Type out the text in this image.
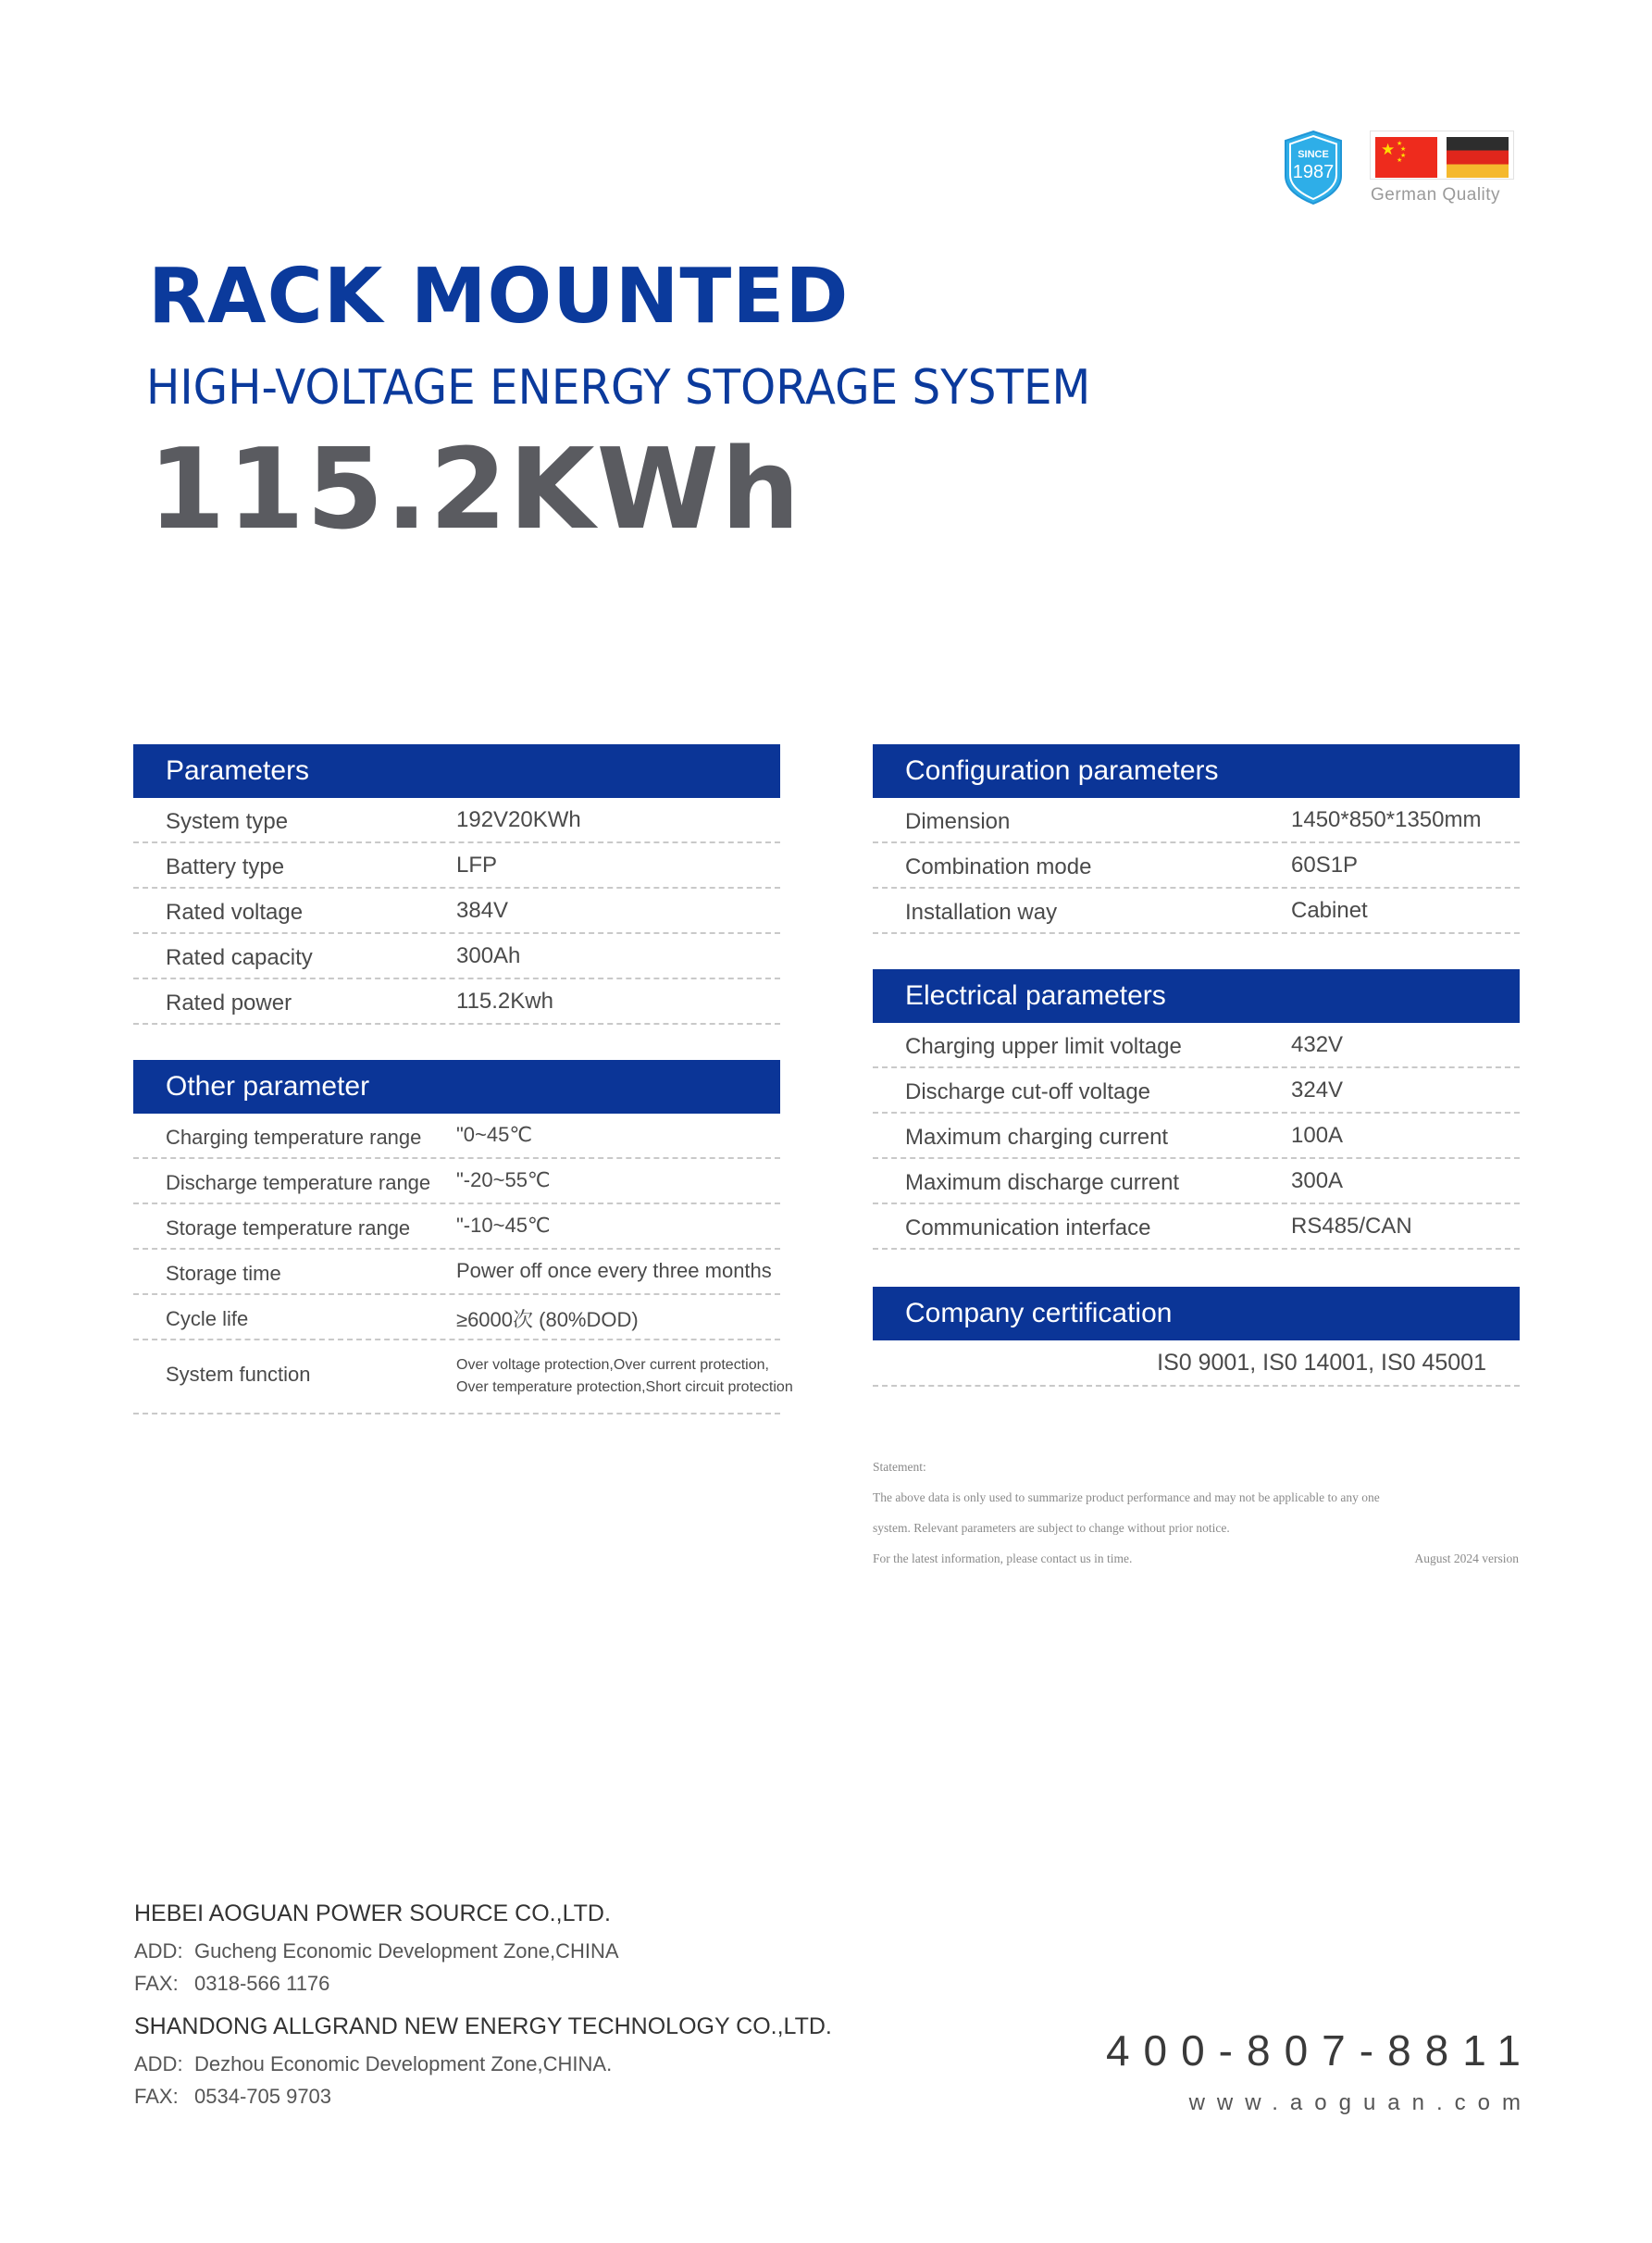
SINCE
1987
★ ★
★
★
★
German Quality
RACK MOUNTED
HIGH-VOLTAGE ENERGY STORAGE SYSTEM
115.2KWh
Parameters
System type	192V20KWh
Battery type	LFP
Rated voltage	384V
Rated capacity	300Ah
Rated power	115.2Kwh
Other parameter
Charging temperature range "0~45℃
Discharge temperature range "-20~55℃
Storage temperature range "-10~45℃
Storage time	Power off once every three months
Cycle life	≥6000次 (80%DOD)
System function	Over voltage protection,Over current protection,
Over temperature protection,Short circuit protection
Configuration parameters
Dimension	1450*850*1350mm
Combination mode	60S1P
Installation way	Cabinet
Electrical parameters
Charging upper limit voltage	432V
Discharge cut-off voltage	324V
Maximum charging current	100A
Maximum discharge current	300A
Communication interface	RS485/CAN
Company certification
IS0 9001, IS0 14001, IS0 45001
Statement:
The above data is only used to summarize product performance and may not be applicable to any one
system. Relevant parameters are subject to change without prior notice.
For the latest information, please contact us in time.	August 2024 version
HEBEI AOGUAN POWER SOURCE CO.,LTD.
ADD: Gucheng Economic Development Zone,CHINA
FAX: 0318-566 1176
SHANDONG ALLGRAND NEW ENERGY TECHNOLOGY CO.,LTD.
ADD: Dezhou Economic Development Zone,CHINA.
FAX: 0534-705 9703
400-807-8811
www.aoguan.com
